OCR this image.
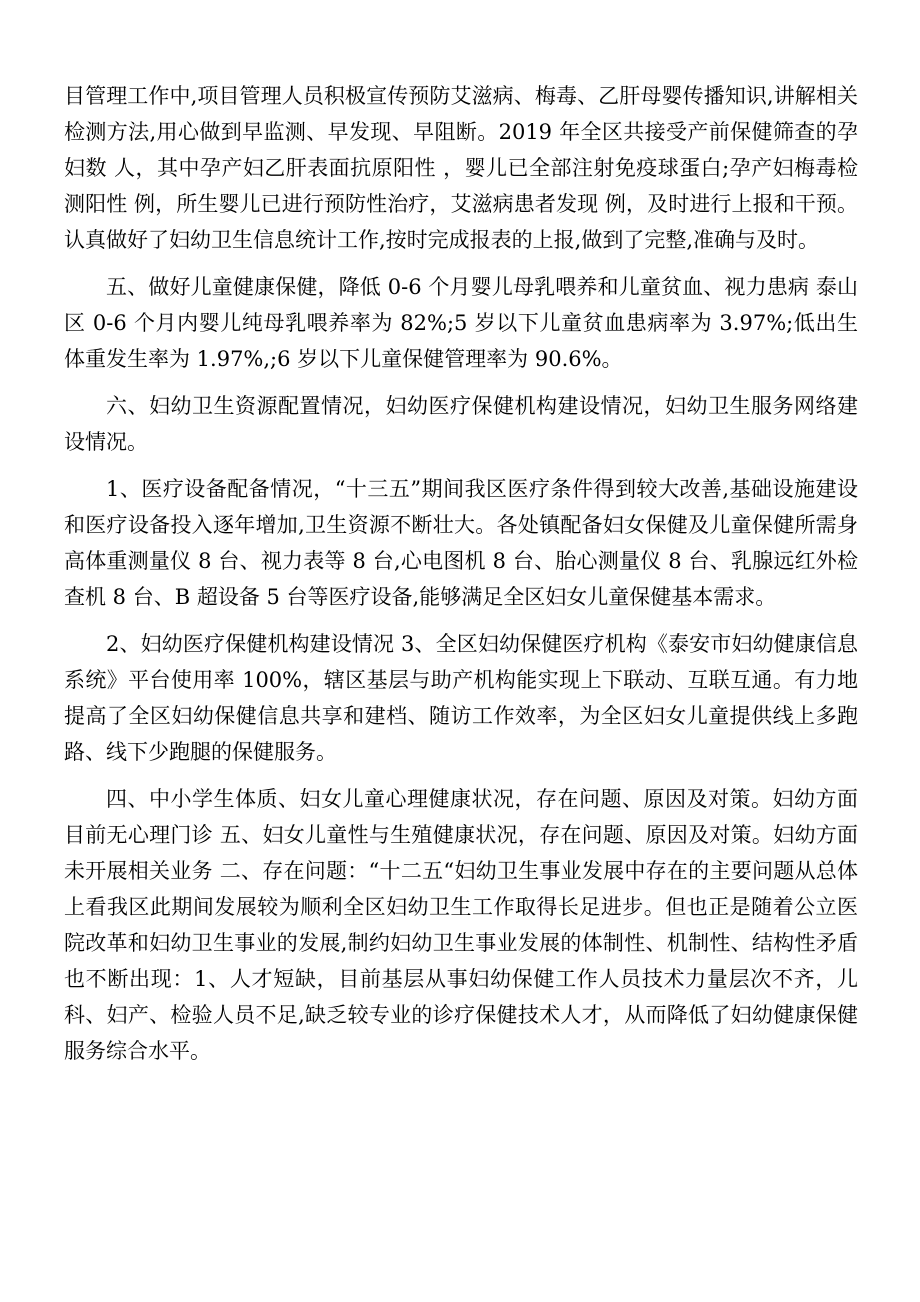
目管理工作中,项目管理人员积极宣传预防艾滋病、梅毒、乙肝母婴传播知识,讲解相关检测方法,用心做到早监测、早发现、早阻断。2019 年全区共接受产前保健筛查的孕妇数 人，其中孕产妇乙肝表面抗原阳性 ，婴儿已全部注射免疫球蛋白;孕产妇梅毒检测阳性 例，所生婴儿已进行预防性治疗，艾滋病患者发现 例，及时进行上报和干预。认真做好了妇幼卫生信息统计工作,按时完成报表的上报,做到了完整,准确与及时。

五、做好儿童健康保健，降低 0-6 个月婴儿母乳喂养和儿童贫血、视力患病 泰山区 0-6 个月内婴儿纯母乳喂养率为 82%;5 岁以下儿童贫血患病率为 3.97%;低出生体重发生率为 1.97%,;6 岁以下儿童保健管理率为 90.6%。

六、妇幼卫生资源配置情况，妇幼医疗保健机构建设情况，妇幼卫生服务网络建设情况。

1、医疗设备配备情况，“十三五”期间我区医疗条件得到较大改善,基础设施建设和医疗设备投入逐年增加,卫生资源不断壮大。各处镇配备妇女保健及儿童保健所需身高体重测量仪 8 台、视力表等 8 台,心电图机 8 台、胎心测量仪 8 台、乳腺远红外检查机 8 台、B 超设备 5 台等医疗设备,能够满足全区妇女儿童保健基本需求。

2、妇幼医疗保健机构建设情况 3、全区妇幼保健医疗机构《泰安市妇幼健康信息系统》平台使用率 100%，辖区基层与助产机构能实现上下联动、互联互通。有力地提高了全区妇幼保健信息共享和建档、随访工作效率，为全区妇女儿童提供线上多跑路、线下少跑腿的保健服务。

四、中小学生体质、妇女儿童心理健康状况，存在问题、原因及对策。妇幼方面目前无心理门诊 五、妇女儿童性与生殖健康状况，存在问题、原因及对策。妇幼方面未开展相关业务 二、存在问题：“十二五“妇幼卫生事业发展中存在的主要问题从总体上看我区此期间发展较为顺利全区妇幼卫生工作取得长足进步。但也正是随着公立医院改革和妇幼卫生事业的发展,制约妇幼卫生事业发展的体制性、机制性、结构性矛盾也不断出现：1、人才短缺，目前基层从事妇幼保健工作人员技术力量层次不齐，儿科、妇产、检验人员不足,缺乏较专业的诊疗保健技术人才，从而降低了妇幼健康保健服务综合水平。
